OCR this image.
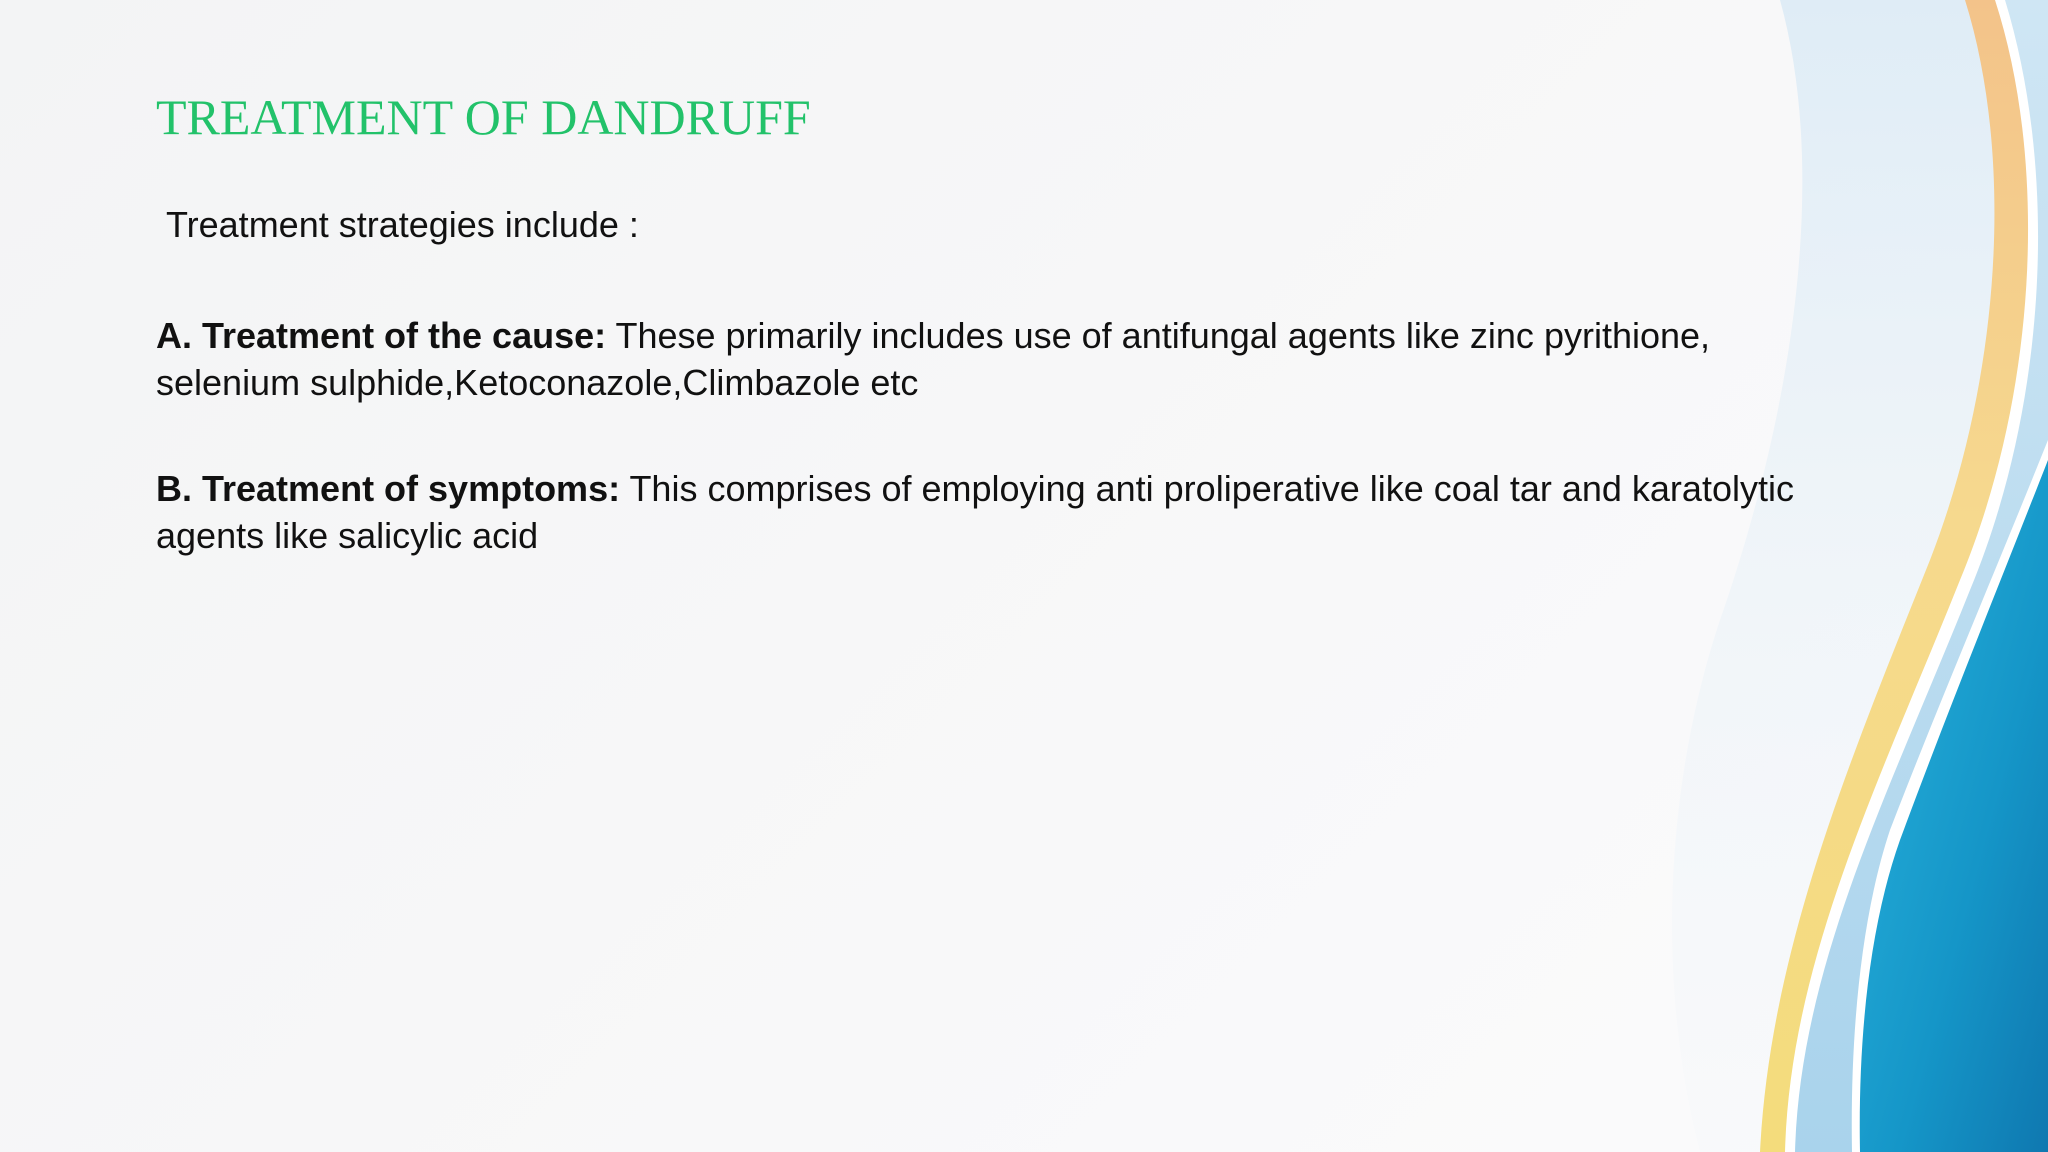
TREATMENT OF DANDRUFF

Treatment strategies include :

A. Treatment of the cause: These primarily includes use of antifungal agents like zinc pyrithione, selenium sulphide,Ketoconazole,Climbazole etc

B. Treatment of symptoms: This comprises of employing anti proliperative like coal tar and karatolytic agents like salicylic acid
